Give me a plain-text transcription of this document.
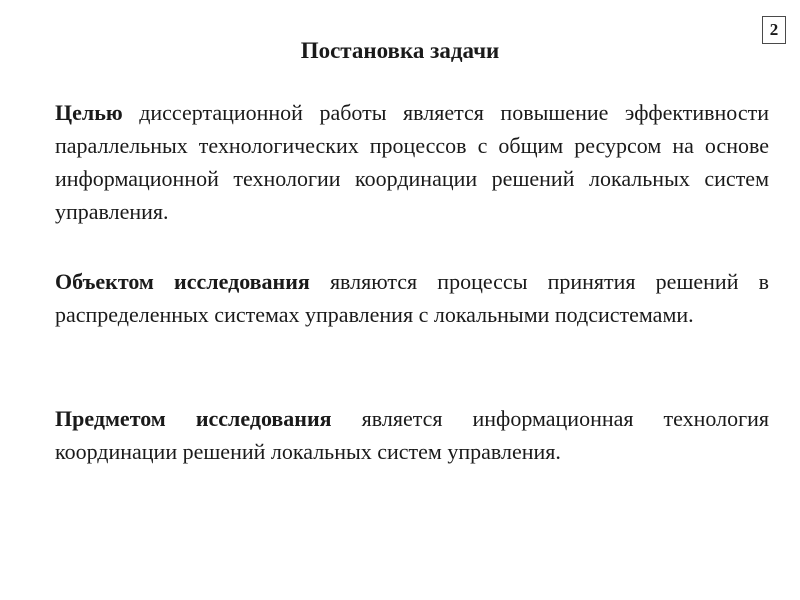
2
Постановка задачи

Целью диссертационной работы является повышение эффективности параллельных технологических процессов с общим ресурсом на основе информационной технологии координации решений локальных систем управления.

Объектом исследования являются процессы принятия решений в распределенных системах управления с локальными подсистемами.

Предметом исследования является информационная технология координации решений локальных систем управления.
